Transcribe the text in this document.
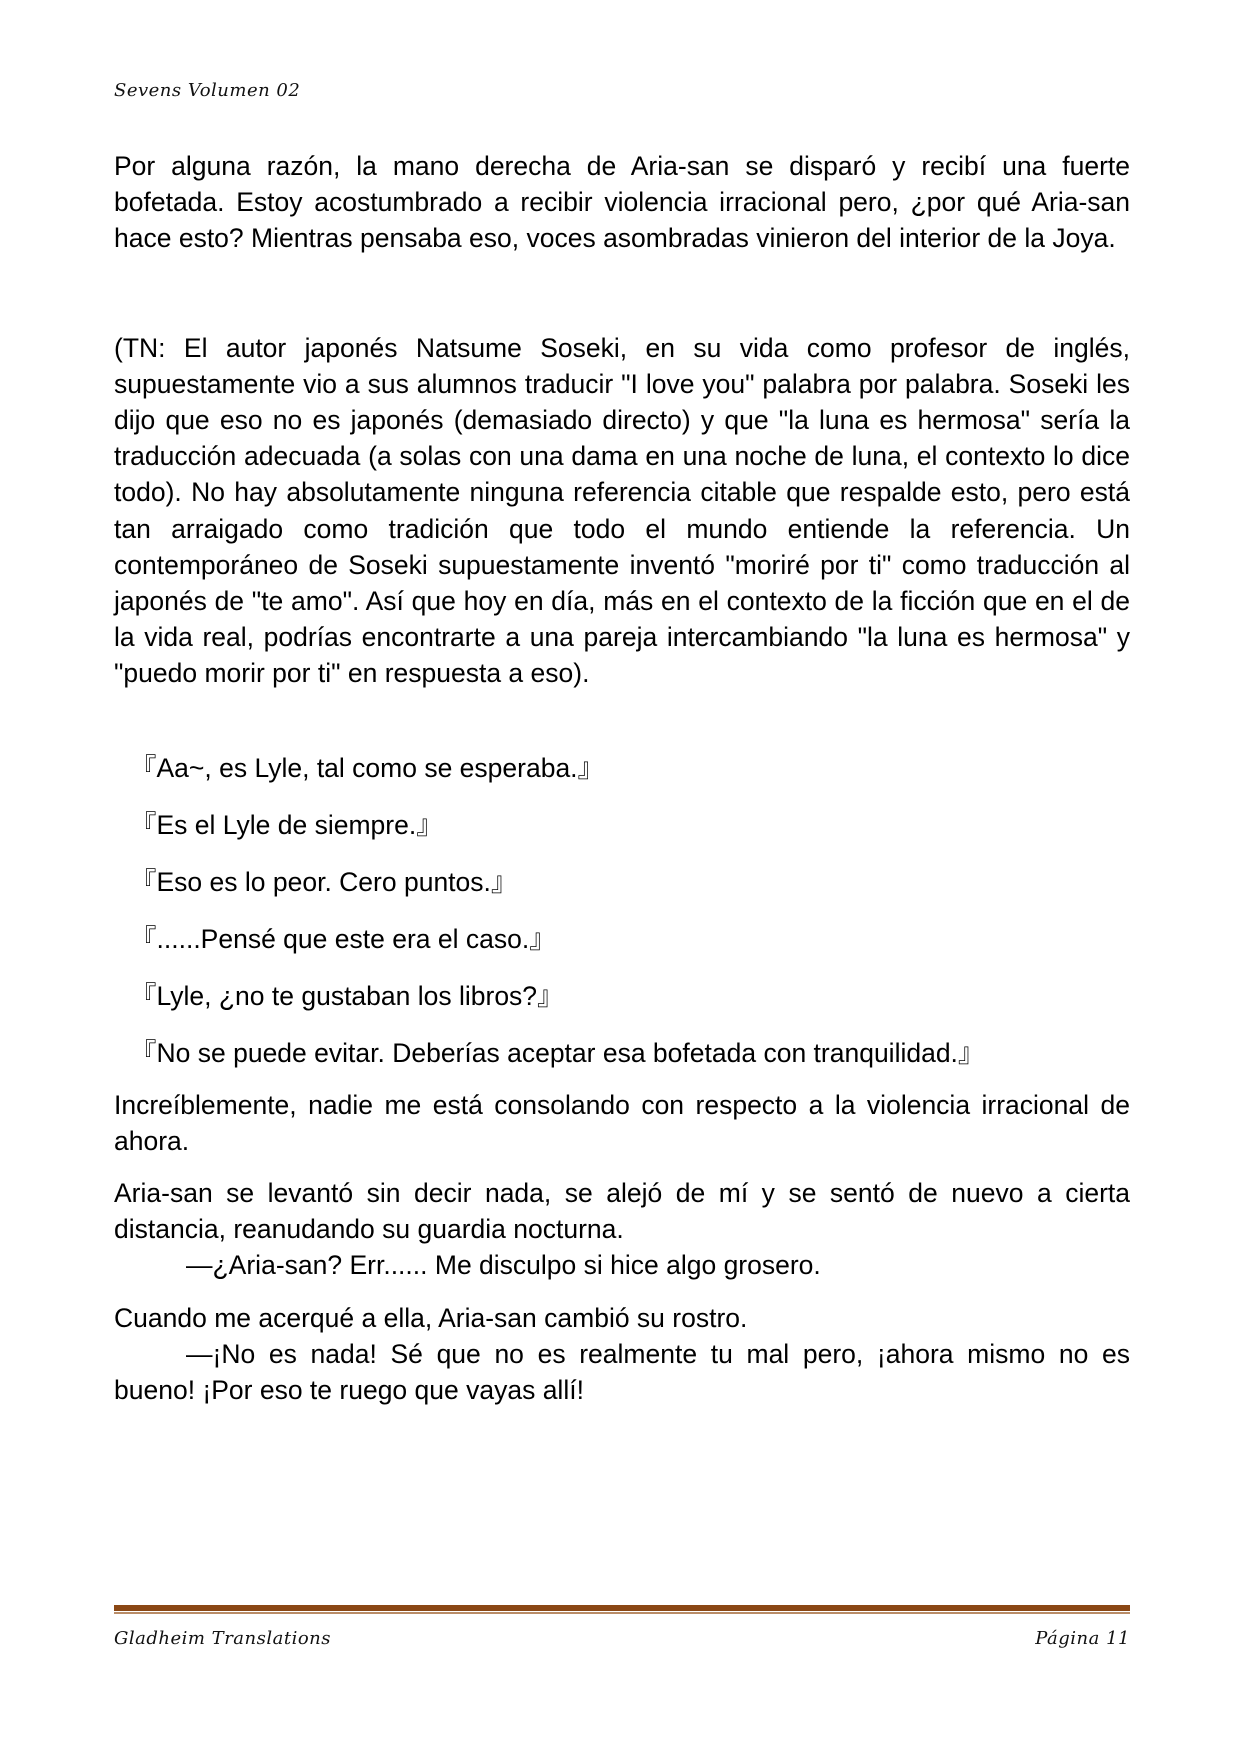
Sevens Volumen 02

Por alguna razón, la mano derecha de Aria-san se disparó y recibí una fuerte bofetada. Estoy acostumbrado a recibir violencia irracional pero, ¿por qué Aria-san hace esto? Mientras pensaba eso, voces asombradas vinieron del interior de la Joya.

(TN: El autor japonés Natsume Soseki, en su vida como profesor de inglés, supuestamente vio a sus alumnos traducir "I love you" palabra por palabra. Soseki les dijo que eso no es japonés (demasiado directo) y que "la luna es hermosa" sería la traducción adecuada (a solas con una dama en una noche de luna, el contexto lo dice todo). No hay absolutamente ninguna referencia citable que respalde esto, pero está tan arraigado como tradición que todo el mundo entiende la referencia. Un contemporáneo de Soseki supuestamente inventó "moriré por ti" como traducción al japonés de "te amo". Así que hoy en día, más en el contexto de la ficción que en el de la vida real, podrías encontrarte a una pareja intercambiando "la luna es hermosa" y "puedo morir por ti" en respuesta a eso).

『Aa~, es Lyle, tal como se esperaba.』

『Es el Lyle de siempre.』

『Eso es lo peor. Cero puntos.』

『......Pensé que este era el caso.』

『Lyle, ¿no te gustaban los libros?』

『No se puede evitar. Deberías aceptar esa bofetada con tranquilidad.』

Increíblemente, nadie me está consolando con respecto a la violencia irracional de ahora.

Aria-san se levantó sin decir nada, se alejó de mí y se sentó de nuevo a cierta distancia, reanudando su guardia nocturna.

—¿Aria-san? Err...... Me disculpo si hice algo grosero.

Cuando me acerqué a ella, Aria-san cambió su rostro.

—¡No es nada! Sé que no es realmente tu mal pero, ¡ahora mismo no es bueno! ¡Por eso te ruego que vayas allí!

Gladheim Translations	Página 11
